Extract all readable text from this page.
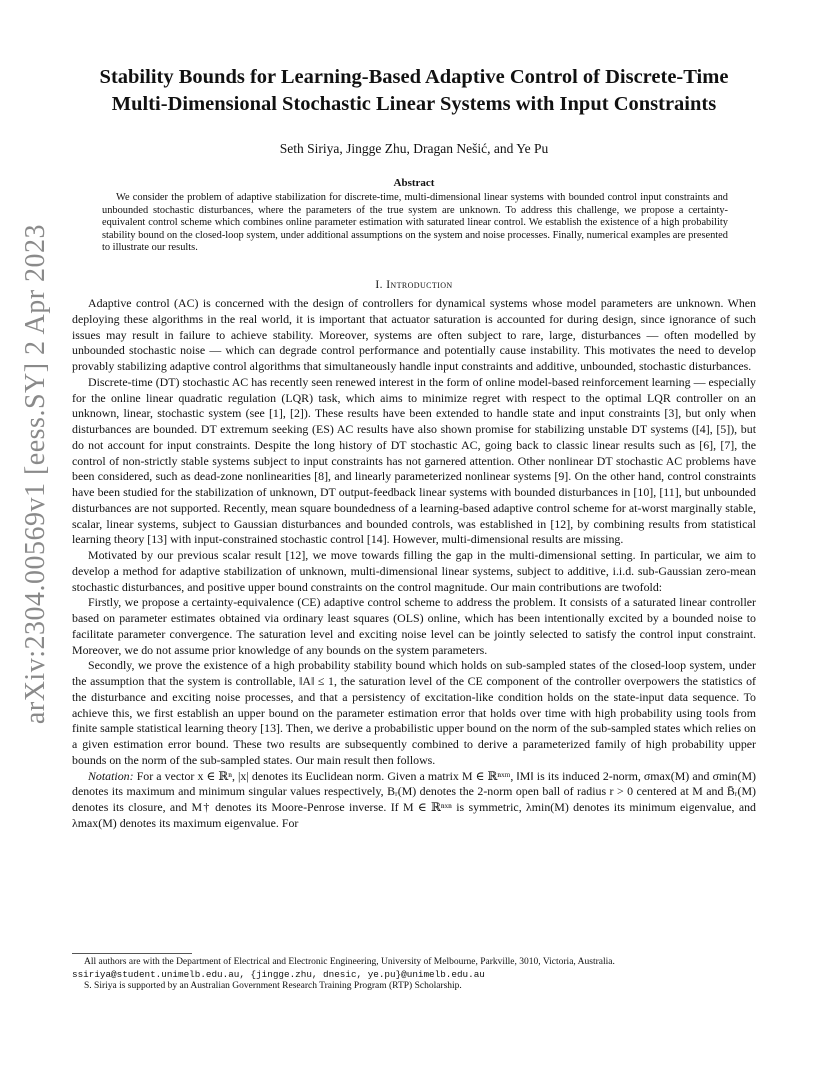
arXiv:2304.00569v1 [eess.SY] 2 Apr 2023
Stability Bounds for Learning-Based Adaptive Control of Discrete-Time
Multi-Dimensional Stochastic Linear Systems with Input Constraints
Seth Siriya, Jingge Zhu, Dragan Nešić, and Ye Pu
Abstract

We consider the problem of adaptive stabilization for discrete-time, multi-dimensional linear systems with bounded control input constraints and unbounded stochastic disturbances, where the parameters of the true system are unknown. To address this challenge, we propose a certainty-equivalent control scheme which combines online parameter estimation with saturated linear control. We establish the existence of a high probability stability bound on the closed-loop system, under additional assumptions on the system and noise processes. Finally, numerical examples are presented to illustrate our results.

I. Introduction

Adaptive control (AC) is concerned with the design of controllers for dynamical systems whose model parameters are unknown. When deploying these algorithms in the real world, it is important that actuator saturation is accounted for during design, since ignorance of such issues may result in failure to achieve stability. Moreover, systems are often subject to rare, large, disturbances — often modelled by unbounded stochastic noise — which can degrade control performance and potentially cause instability. This motivates the need to develop provably stabilizing adaptive control algorithms that simultaneously handle input constraints and additive, unbounded, stochastic disturbances.

Discrete-time (DT) stochastic AC has recently seen renewed interest in the form of online model-based reinforcement learning — especially for the online linear quadratic regulation (LQR) task, which aims to minimize regret with respect to the optimal LQR controller on an unknown, linear, stochastic system (see [1], [2]). These results have been extended to handle state and input constraints [3], but only when disturbances are bounded. DT extremum seeking (ES) AC results have also shown promise for stabilizing unstable DT systems ([4], [5]), but do not account for input constraints. Despite the long history of DT stochastic AC, going back to classic linear results such as [6], [7], the control of non-strictly stable systems subject to input constraints has not garnered attention. Other nonlinear DT stochastic AC problems have been considered, such as dead-zone nonlinearities [8], and linearly parameterized nonlinear systems [9]. On the other hand, control constraints have been studied for the stabilization of unknown, DT output-feedback linear systems with bounded disturbances in [10], [11], but unbounded disturbances are not supported. Recently, mean square boundedness of a learning-based adaptive control scheme for at-worst marginally stable, scalar, linear systems, subject to Gaussian disturbances and bounded controls, was established in [12], by combining results from statistical learning theory [13] with input-constrained stochastic control [14]. However, multi-dimensional results are missing.

Motivated by our previous scalar result [12], we move towards filling the gap in the multi-dimensional setting. In particular, we aim to develop a method for adaptive stabilization of unknown, multi-dimensional linear systems, subject to additive, i.i.d. sub-Gaussian zero-mean stochastic disturbances, and positive upper bound constraints on the control magnitude. Our main contributions are twofold:

Firstly, we propose a certainty-equivalence (CE) adaptive control scheme to address the problem. It consists of a saturated linear controller based on parameter estimates obtained via ordinary least squares (OLS) online, which has been intentionally excited by a bounded noise to facilitate parameter convergence. The saturation level and exciting noise level can be jointly selected to satisfy the control input constraint. Moreover, we do not assume prior knowledge of any bounds on the system parameters.

Secondly, we prove the existence of a high probability stability bound which holds on sub-sampled states of the closed-loop system, under the assumption that the system is controllable, ‖A‖ ≤ 1, the saturation level of the CE component of the controller overpowers the statistics of the disturbance and exciting noise processes, and that a persistency of excitation-like condition holds on the state-input data sequence. To achieve this, we first establish an upper bound on the parameter estimation error that holds over time with high probability using tools from finite sample statistical learning theory [13]. Then, we derive a probabilistic upper bound on the norm of the sub-sampled states which relies on a given estimation error bound. These two results are subsequently combined to derive a parameterized family of high probability upper bounds on the norm of the sub-sampled states. Our main result then follows.

Notation: For a vector x ∈ ℝⁿ, |x| denotes its Euclidean norm. Given a matrix M ∈ ℝⁿˣᵐ, ‖M‖ is its induced 2-norm, σmax(M) and σmin(M) denotes its maximum and minimum singular values respectively, Bᵣ(M) denotes the 2-norm open ball of radius r > 0 centered at M and B̄ᵣ(M) denotes its closure, and M† denotes its Moore-Penrose inverse. If M ∈ ℝⁿˣⁿ is symmetric, λmin(M) denotes its minimum eigenvalue, and λmax(M) denotes its maximum eigenvalue. For

All authors are with the Department of Electrical and Electronic Engineering, University of Melbourne, Parkville, 3010, Victoria, Australia. ssiriya@student.unimelb.edu.au, {jingge.zhu, dnesic, ye.pu}@unimelb.edu.au

S. Siriya is supported by an Australian Government Research Training Program (RTP) Scholarship.
